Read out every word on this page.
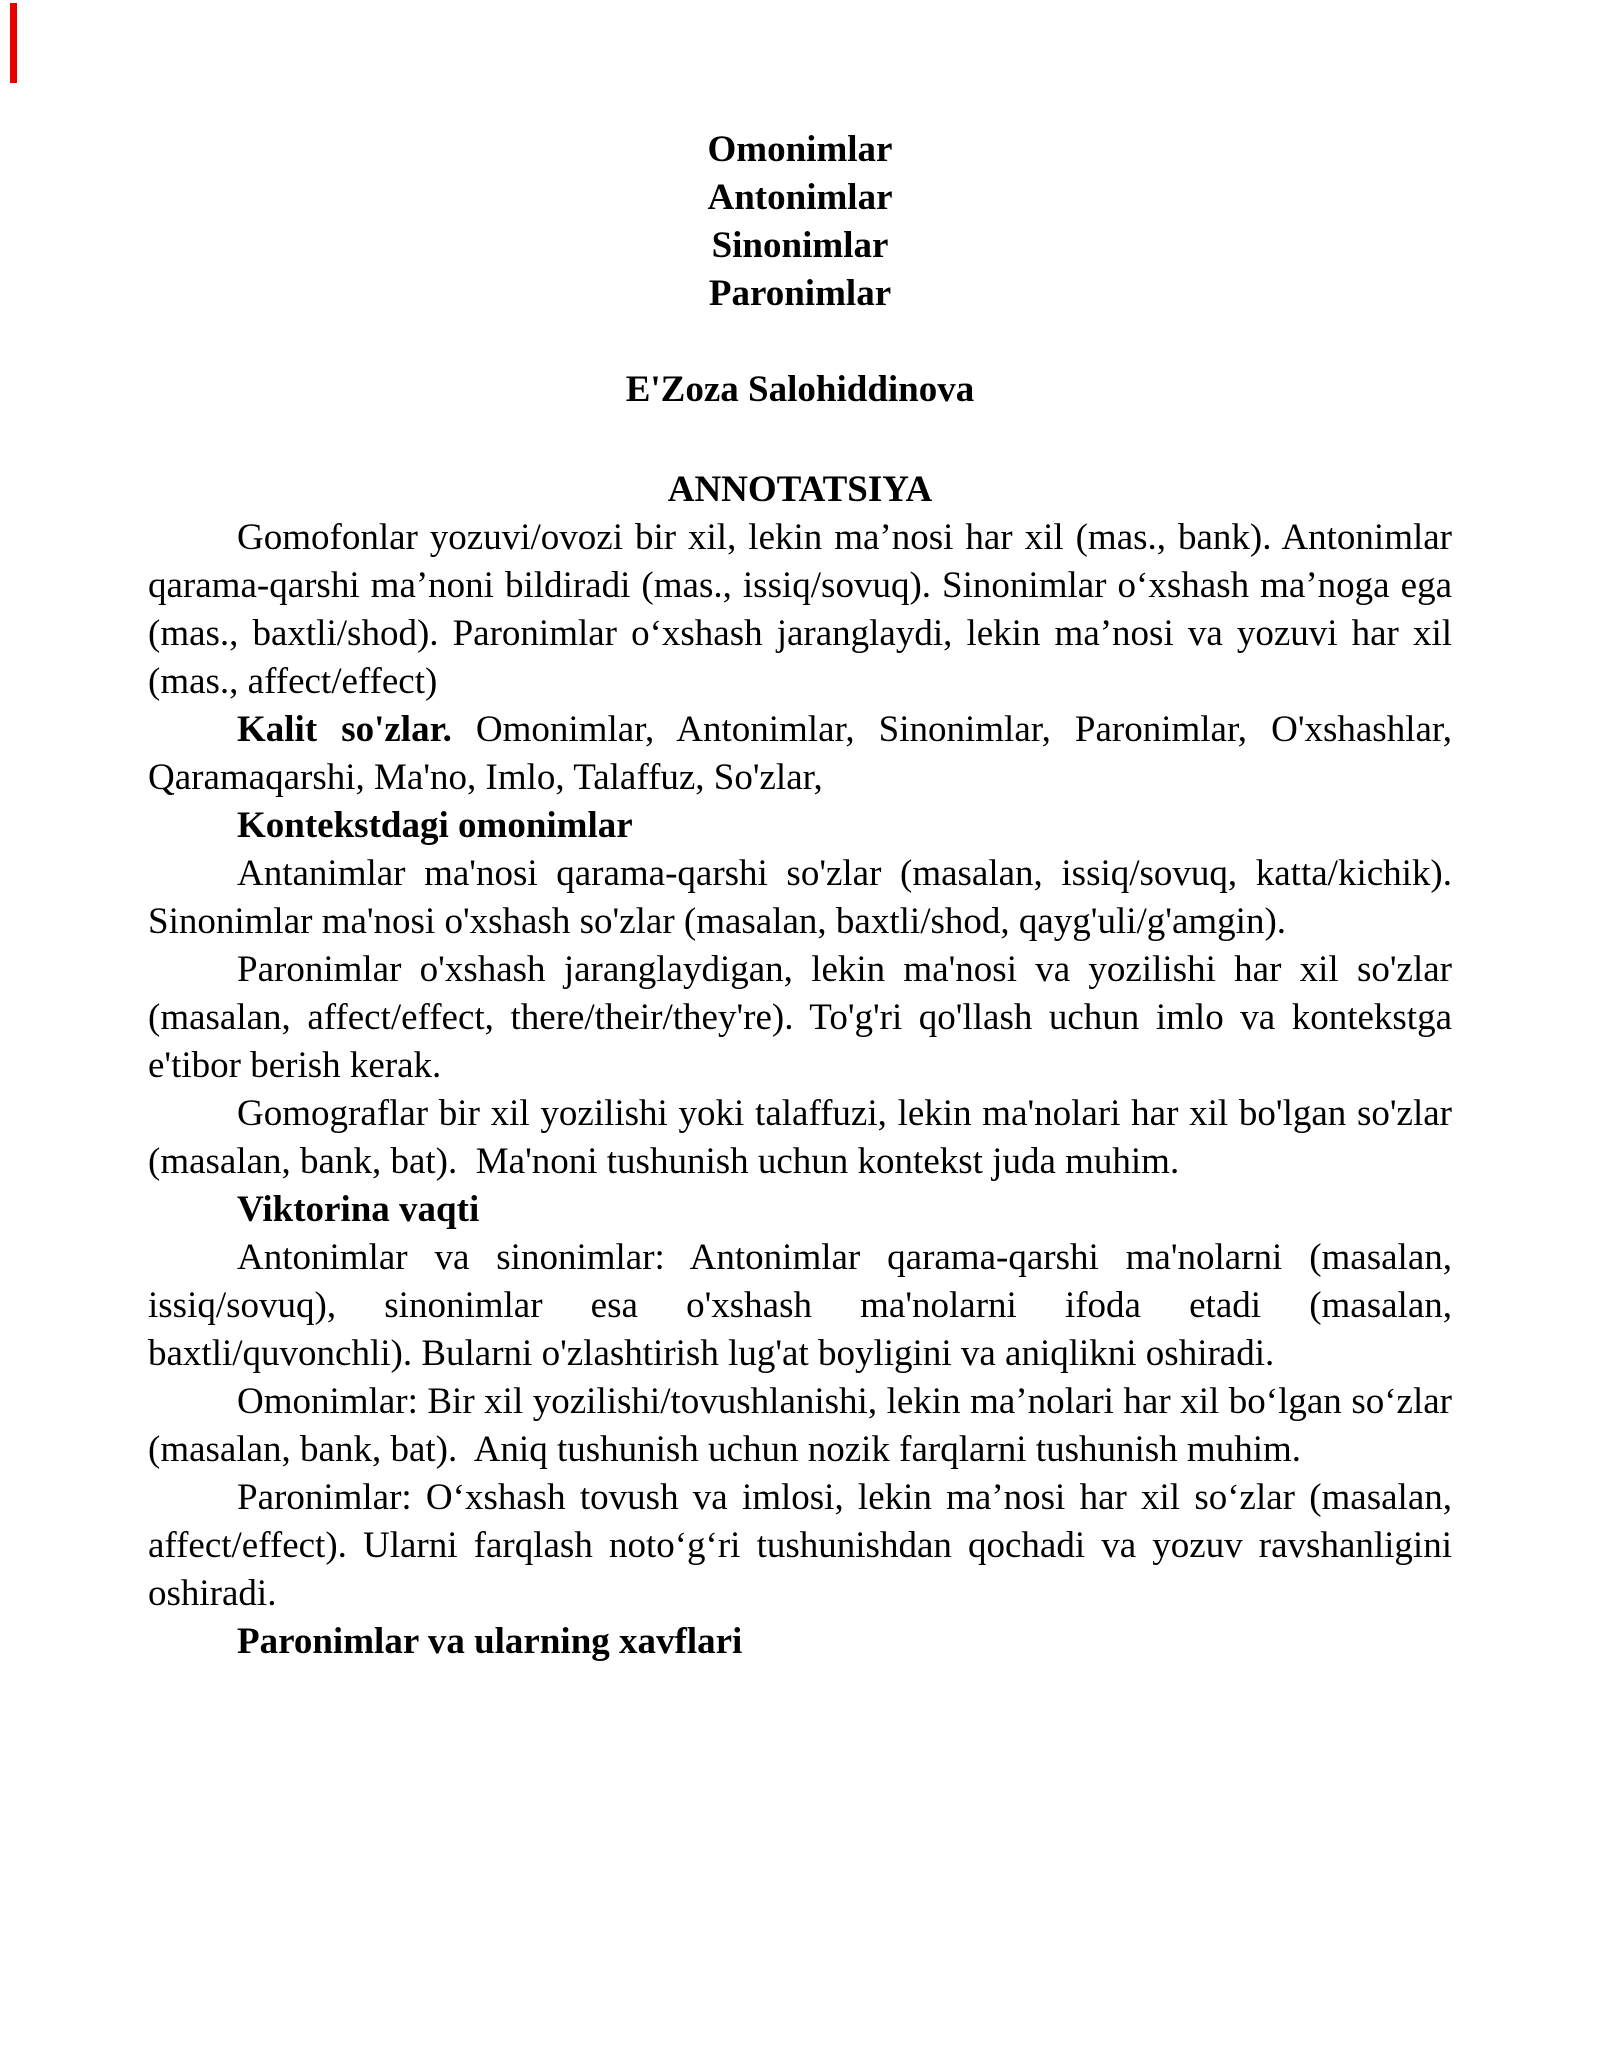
Omonimlar
Antonimlar
Sinonimlar
Paronimlar

E'Zoza Salohiddinova

ANNOTATSIYA

Gomofonlar yozuvi/ovozi bir xil, lekin ma’nosi har xil (mas., bank). Antonimlar qarama-qarshi ma’noni bildiradi (mas., issiq/sovuq). Sinonimlar o‘xshash ma’noga ega (mas., baxtli/shod). Paronimlar o‘xshash jaranglaydi, lekin ma’nosi va yozuvi har xil (mas., affect/effect)

Kalit so'zlar. Omonimlar, Antonimlar, Sinonimlar, Paronimlar, O'xshashlar, Qaramaqarshi, Ma'no, Imlo, Talaffuz, So'zlar,

Kontekstdagi omonimlar

Antanimlar ma'nosi qarama-qarshi so'zlar (masalan, issiq/sovuq, katta/kichik). Sinonimlar ma'nosi o'xshash so'zlar (masalan, baxtli/shod, qayg'uli/g'amgin).

Paronimlar o'xshash jaranglaydigan, lekin ma'nosi va yozilishi har xil so'zlar (masalan, affect/effect, there/their/they're). To'g'ri qo'llash uchun imlo va kontekstga e'tibor berish kerak.

Gomograflar bir xil yozilishi yoki talaffuzi, lekin ma'nolari har xil bo'lgan so'zlar (masalan, bank, bat).  Ma'noni tushunish uchun kontekst juda muhim.

Viktorina vaqti

Antonimlar va sinonimlar: Antonimlar qarama-qarshi ma'nolarni (masalan, issiq/sovuq), sinonimlar esa o'xshash ma'nolarni ifoda etadi (masalan, baxtli/quvonchli). Bularni o'zlashtirish lug'at boyligini va aniqlikni oshiradi.

Omonimlar: Bir xil yozilishi/tovushlanishi, lekin ma’nolari har xil bo‘lgan so‘zlar (masalan, bank, bat).  Aniq tushunish uchun nozik farqlarni tushunish muhim.

Paronimlar: O‘xshash tovush va imlosi, lekin ma’nosi har xil so‘zlar (masalan, affect/effect). Ularni farqlash noto‘g‘ri tushunishdan qochadi va yozuv ravshanligini oshiradi.

Paronimlar va ularning xavflari
